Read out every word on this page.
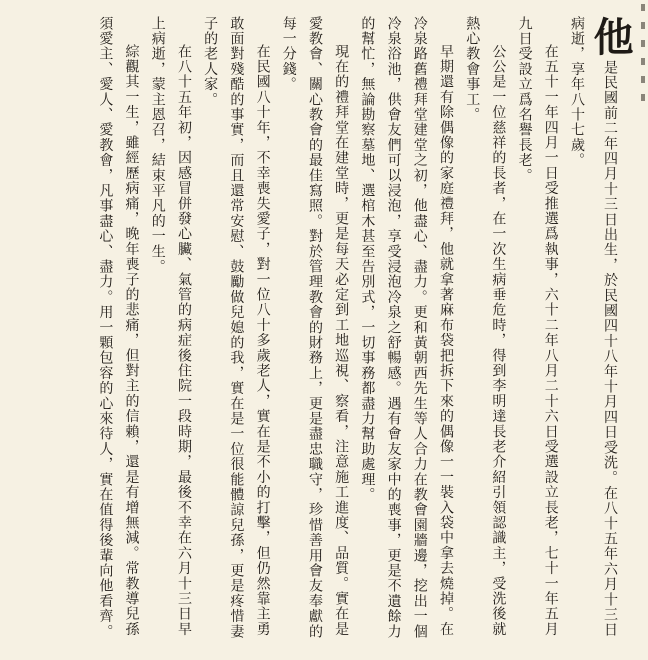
他是民國前二年四月十三日出生，於民國四十八年十月四日受洗。在八十五年六月十三日病逝，享年八十七歲。

在五十一年四月一日受推選爲執事，六十二年八月二十六日受選設立長老，七十一年五月九日受設立爲名譽長老。

公公是一位慈祥的長者，在一次生病垂危時，得到李明達長老介紹引領認識主，受洗後就熱心教會事工。

早期還有除偶像的家庭禮拜，他就拿著麻布袋把拆下來的偶像一一裝入袋中拿去燒掉。在冷泉路舊禮拜堂建堂之初，他盡心、盡力。更和黃朝西先生等人合力在教會園牆邊，挖出一個冷泉浴池，供會友們可以浸泡，享受浸泡冷泉之舒暢感。遇有會友家中的喪事，更是不遺餘力的幫忙，無論勘察墓地、選棺木甚至告別式，一切事務都盡力幫助處理。

現在的禮拜堂在建堂時，更是每天必定到工地巡視、察看，注意施工進度、品質。實在是愛教會、關心教會的最佳寫照。對於管理教會的財務上，更是盡忠職守，珍惜善用會友奉獻的每一分錢。

在民國八十年，不幸喪失愛子，對一位八十多歲老人，實在是不小的打擊，但仍然靠主勇敢面對殘酷的事實，而且還常安慰、鼓勵做兒媳的我，實在是一位很能體諒兒孫，更是疼惜妻子的老人家。

在八十五年初，因感冒併發心臟、氣管的病症後住院一段時期，最後不幸在六月十三日早上病逝，蒙主恩召，結束平凡的一生。

綜觀其一生，雖經歷病痛，晚年喪子的悲痛，但對主的信賴，還是有增無減。常教導兒孫須愛主、愛人、愛教會，凡事盡心、盡力。用一顆包容的心來待人，實在值得後輩向他看齊。
